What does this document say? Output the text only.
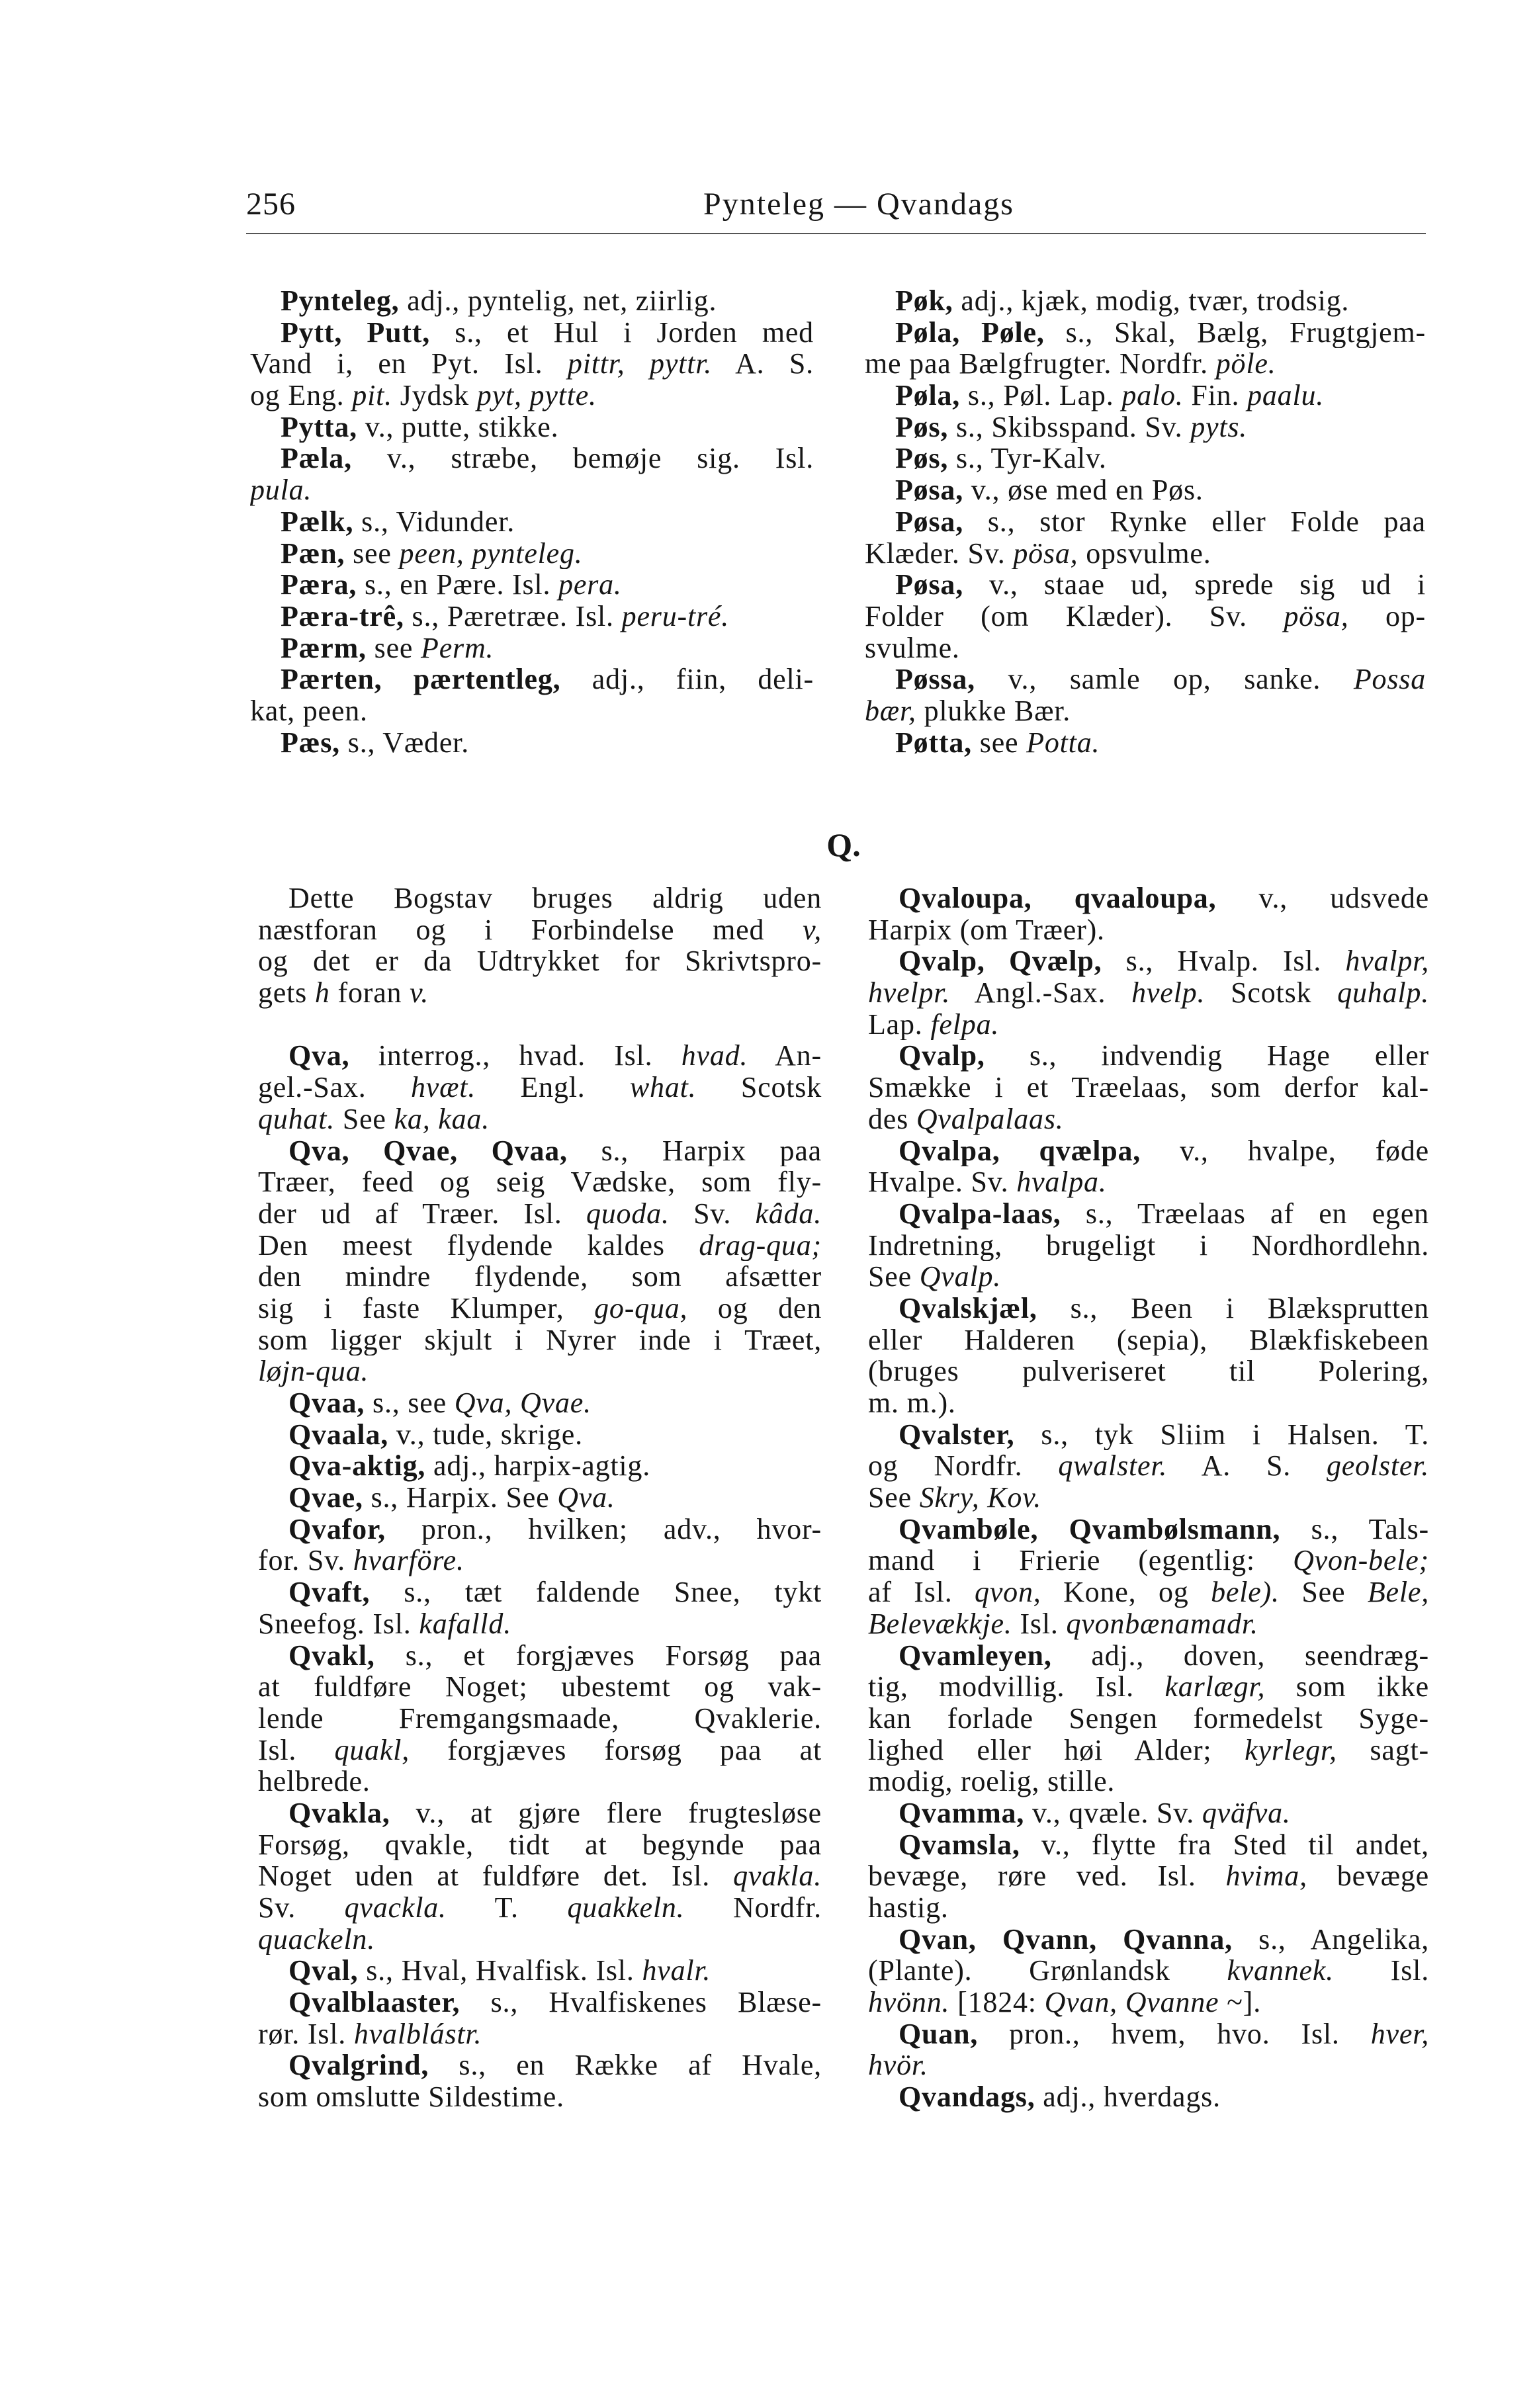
256	Pynteleg — Qvandags
Pynteleg, adj., pyntelig, net, ziirlig.
Pytt, Putt, s., et Hul i Jorden med
Vand i, en Pyt. Isl. pittr, pyttr. A. S.
og Eng. pit. Jydsk pyt, pytte.
Pytta, v., putte, stikke.
Pæla, v., stræbe, bemøje sig. Isl.
pula.
Pælk, s., Vidunder.
Pæn, see peen, pynteleg.
Pæra, s., en Pære. Isl. pera.
Pæra-trê, s., Pæretræe. Isl. peru-tré.
Pærm, see Perm.
Pærten, pærtentleg, adj., fiin, deli-
kat, peen.
Pæs, s., Væder.
Pøk, adj., kjæk, modig, tvær, trodsig.
Pøla, Pøle, s., Skal, Bælg, Frugtgjem-
me paa Bælgfrugter. Nordfr. pöle.
Pøla, s., Pøl. Lap. palo. Fin. paalu.
Pøs, s., Skibsspand. Sv. pyts.
Pøs, s., Tyr-Kalv.
Pøsa, v., øse med en Pøs.
Pøsa, s., stor Rynke eller Folde paa
Klæder. Sv. pösa, opsvulme.
Pøsa, v., staae ud, sprede sig ud i
Folder (om Klæder). Sv. pösa, op-
svulme.
Pøssa, v., samle op, sanke. Possa
bær, plukke Bær.
Pøtta, see Potta.
Q.
Dette Bogstav bruges aldrig uden
næstforan og i Forbindelse med v,
og det er da Udtrykket for Skrivtspro-
gets h foran v.
Qva, interrog., hvad. Isl. hvad. An-
gel.-Sax. hvæt. Engl. what. Scotsk
quhat. See ka, kaa.
Qva, Qvae, Qvaa, s., Harpix paa
Træer, feed og seig Vædske, som fly-
der ud af Træer. Isl. quoda. Sv. kâda.
Den meest flydende kaldes drag-qua;
den mindre flydende, som afsætter
sig i faste Klumper, go-qua, og den
som ligger skjult i Nyrer inde i Træet,
løjn-qua.
Qvaa, s., see Qva, Qvae.
Qvaala, v., tude, skrige.
Qva-aktig, adj., harpix-agtig.
Qvae, s., Harpix. See Qva.
Qvafor, pron., hvilken; adv., hvor-
for. Sv. hvarföre.
Qvaft, s., tæt faldende Snee, tykt
Sneefog. Isl. kafalld.
Qvakl, s., et forgjæves Forsøg paa
at fuldføre Noget; ubestemt og vak-
lende Fremgangsmaade, Qvaklerie.
Isl. quakl, forgjæves forsøg paa at
helbrede.
Qvakla, v., at gjøre flere frugtesløse
Forsøg, qvakle, tidt at begynde paa
Noget uden at fuldføre det. Isl. qvakla.
Sv. qvackla. T. quakkeln. Nordfr.
quackeln.
Qval, s., Hval, Hvalfisk. Isl. hvalr.
Qvalblaaster, s., Hvalfiskenes Blæse-
rør. Isl. hvalblástr.
Qvalgrind, s., en Række af Hvale,
som omslutte Sildestime.
Qvaloupa, qvaaloupa, v., udsvede
Harpix (om Træer).
Qvalp, Qvælp, s., Hvalp. Isl. hvalpr,
hvelpr. Angl.-Sax. hvelp. Scotsk quhalp.
Lap. felpa.
Qvalp, s., indvendig Hage eller
Smække i et Træelaas, som derfor kal-
des Qvalpalaas.
Qvalpa, qvælpa, v., hvalpe, føde
Hvalpe. Sv. hvalpa.
Qvalpa-laas, s., Træelaas af en egen
Indretning, brugeligt i Nordhordlehn.
See Qvalp.
Qvalskjæl, s., Been i Blæksprutten
eller Halderen (sepia), Blækfiskebeen
(bruges pulveriseret til Polering,
m. m.).
Qvalster, s., tyk Sliim i Halsen. T.
og Nordfr. qwalster. A. S. geolster.
See Skry, Kov.
Qvambøle, Qvambølsmann, s., Tals-
mand i Frierie (egentlig: Qvon-bele;
af Isl. qvon, Kone, og bele). See Bele,
Belevækkje. Isl. qvonbænamadr.
Qvamleyen, adj., doven, seendræg-
tig, modvillig. Isl. karlægr, som ikke
kan forlade Sengen formedelst Syge-
lighed eller høi Alder; kyrlegr, sagt-
modig, roelig, stille.
Qvamma, v., qvæle. Sv. qväfva.
Qvamsla, v., flytte fra Sted til andet,
bevæge, røre ved. Isl. hvima, bevæge
hastig.
Qvan, Qvann, Qvanna, s., Angelika,
(Plante). Grønlandsk kvannek. Isl.
hvönn. [1824: Qvan, Qvanne ~].
Quan, pron., hvem, hvo. Isl. hver,
hvör.
Qvandags, adj., hverdags.
